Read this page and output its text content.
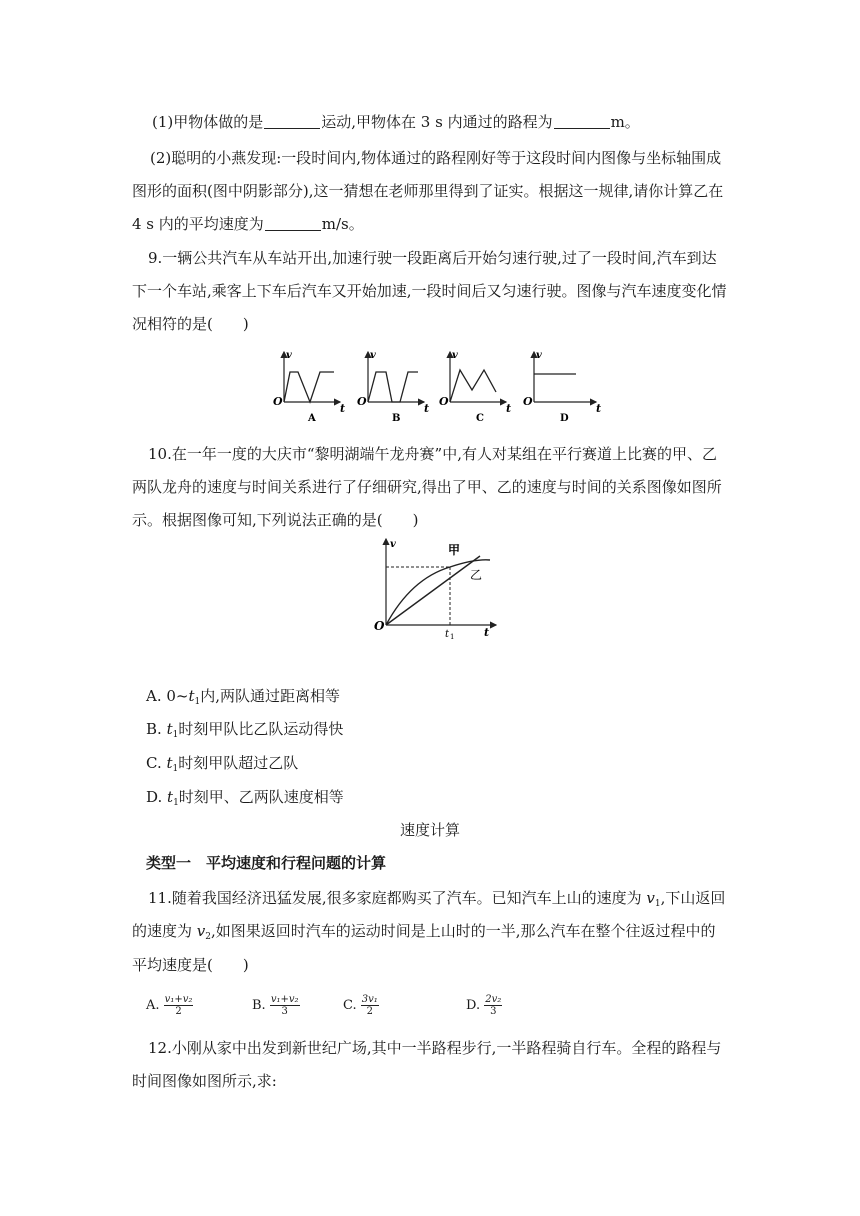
(1)甲物体做的是	运动,甲物体在 3 s 内通过的路程为	m。
(2)聪明的小燕发现:一段时间内,物体通过的路程刚好等于这段时间内图像与坐标轴围成
图形的面积(图中阴影部分),这一猜想在老师那里得到了证实。根据这一规律,请你计算乙在
4 s 内的平均速度为	m/s。
9.一辆公共汽车从车站开出,加速行驶一段距离后开始匀速行驶,过了一段时间,汽车到达
下一个车站,乘客上下车后汽车又开始加速,一段时间后又匀速行驶。图像与汽车速度变化情
况相符的是(　　)
v
O
t
A
v
O
t
B
v
O
t
C
v
O
t
D
10.在一年一度的大庆市“黎明湖端午龙舟赛”中,有人对某组在平行赛道上比赛的甲、乙
两队龙舟的速度与时间关系进行了仔细研究,得出了甲、乙的速度与时间的关系图像如图所
示。根据图像可知,下列说法正确的是(　　)
v
O	t
甲
乙
t 1
A. $0\sim t_1$内,两队通过距离相等
B. $t_1$时刻甲队比乙队运动得快
C. $t_1$时刻甲队超过乙队
D. $t_1$时刻甲、乙两队速度相等
速度计算
类型一　平均速度和行程问题的计算
11.随着我国经济迅猛发展,很多家庭都购买了汽车。已知汽车上山的速度为 $v_1$,下山返回
的速度为 $v_2$,如图果返回时汽车的运动时间是上山时的一半,那么汽车在整个往返过程中的
平均速度是(　　)
A. $\frac{\text{v₁+v₂}}{2}$	B. $\frac{\text{v₁+v₂}}{3}$	C. $\frac{\text{3v₁}}{2}$	D. $\frac{\text{2v₂}}{3}$
12.小刚从家中出发到新世纪广场,其中一半路程步行,一半路程骑自行车。全程的路程与
时间图像如图所示,求:
